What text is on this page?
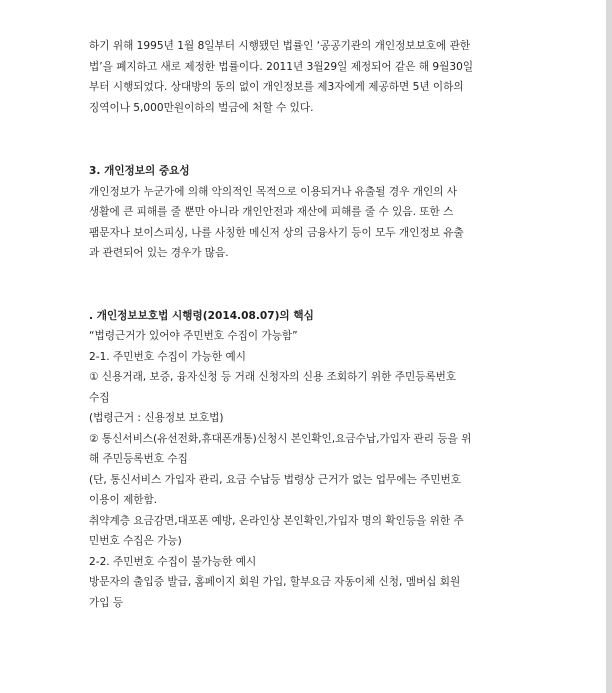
하기 위해 1995년 1월 8일부터 시행됐던 법률인 ‘공공기관의 개인정보보호에 관한

법’을 폐지하고 새로 제정한 법률이다. 2011년 3월29일 제정되어 같은 해 9월30일

부터 시행되었다. 상대방의 동의 없이 개인정보를 제3자에게 제공하면 5년 이하의

징역이나 5,000만원이하의 벌금에 처할 수 있다.

3. 개인정보의 중요성

개인정보가 누군가에 의해 악의적인 목적으로 이용되거나 유출될 경우 개인의 사

생활에 큰 피해를 줄 뿐만 아니라 개인안전과 재산에 피해를 줄 수 있음. 또한 스

팸문자나 보이스피싱, 나를 사칭한 메신저 상의 금융사기 등이 모두 개인정보 유출

과 관련되어 있는 경우가 많음.

. 개인정보보호법 시행령(2014.08.07)의 핵심

“법령근거가 있어야 주민번호 수집이 가능함”

2-1. 주민번호 수집이 가능한 예시

① 신용거래, 보증, 융자신청 등 거래 신청자의 신용 조회하기 위한 주민등록번호

수집

(법령근거 : 신용정보 보호법)

② 통신서비스(유선전화,휴대폰개통)신청시 본인확인,요금수납,가입자 관리 등을 위

해 주민등록번호 수집

(단, 통신서비스 가입자 관리, 요금 수납등 법령상 근거가 없는 업무에는 주민번호

이용이 제한함.

취약계층 요금감면,대포폰 예방, 온라인상 본인확인,가입자 명의 확인등을 위한 주

민번호 수집은 가능)

2-2. 주민번호 수집이 불가능한 예시

방문자의 출입증 발급, 홈페이지 회원 가입, 할부요금 자동이체 신청, 멤버십 회원

가입 등
